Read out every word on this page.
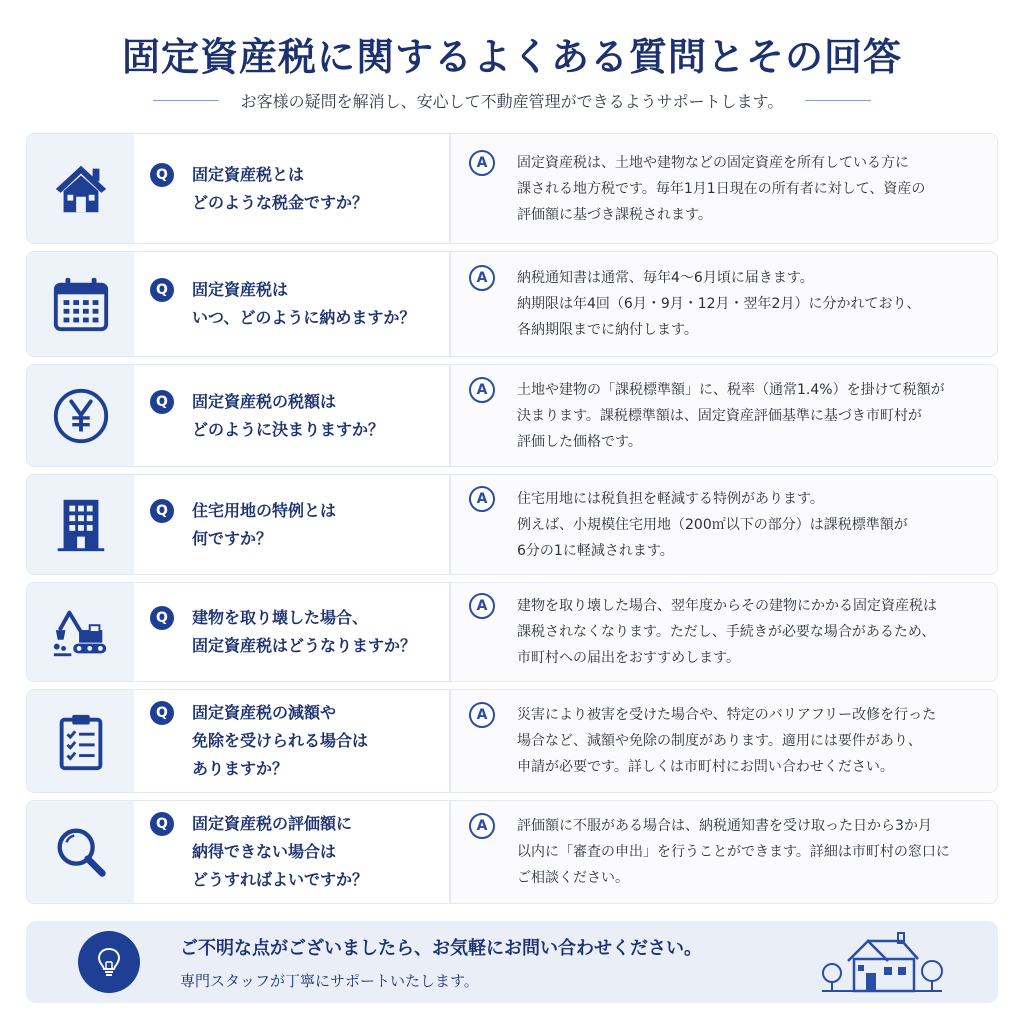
固定資産税に関するよくある質問とその回答
お客様の疑問を解消し、安心して不動産管理ができるようサポートします。
Q	固定資産税とは
どのような税金ですか？
A	固定資産税は、土地や建物などの固定資産を所有している方に
課される地方税です。毎年1月1日現在の所有者に対して、資産の
評価額に基づき課税されます。
Q	固定資産税は
いつ、どのように納めますか？
A	納税通知書は通常、毎年4〜6月頃に届きます。
納期限は年4回（6月・9月・12月・翌年2月）に分かれており、
各納期限までに納付します。
Q	固定資産税の税額は
どのように決まりますか？
A	土地や建物の「課税標準額」に、税率（通常1.4%）を掛けて税額が
決まります。課税標準額は、固定資産評価基準に基づき市町村が
評価した価格です。
Q	住宅用地の特例とは
何ですか？
A	住宅用地には税負担を軽減する特例があります。
例えば、小規模住宅用地（200㎡以下の部分）は課税標準額が
6分の1に軽減されます。
Q	建物を取り壊した場合、
固定資産税はどうなりますか？
A	建物を取り壊した場合、翌年度からその建物にかかる固定資産税は
課税されなくなります。ただし、手続きが必要な場合があるため、
市町村への届出をおすすめします。
Q	固定資産税の減額や
免除を受けられる場合は
ありますか？
A	災害により被害を受けた場合や、特定のバリアフリー改修を行った
場合など、減額や免除の制度があります。適用には要件があり、
申請が必要です。詳しくは市町村にお問い合わせください。
Q	固定資産税の評価額に
納得できない場合は
どうすればよいですか？
A	評価額に不服がある場合は、納税通知書を受け取った日から3か月
以内に「審査の申出」を行うことができます。詳細は市町村の窓口に
ご相談ください。
ご不明な点がございましたら、お気軽にお問い合わせください。
専門スタッフが丁寧にサポートいたします。
